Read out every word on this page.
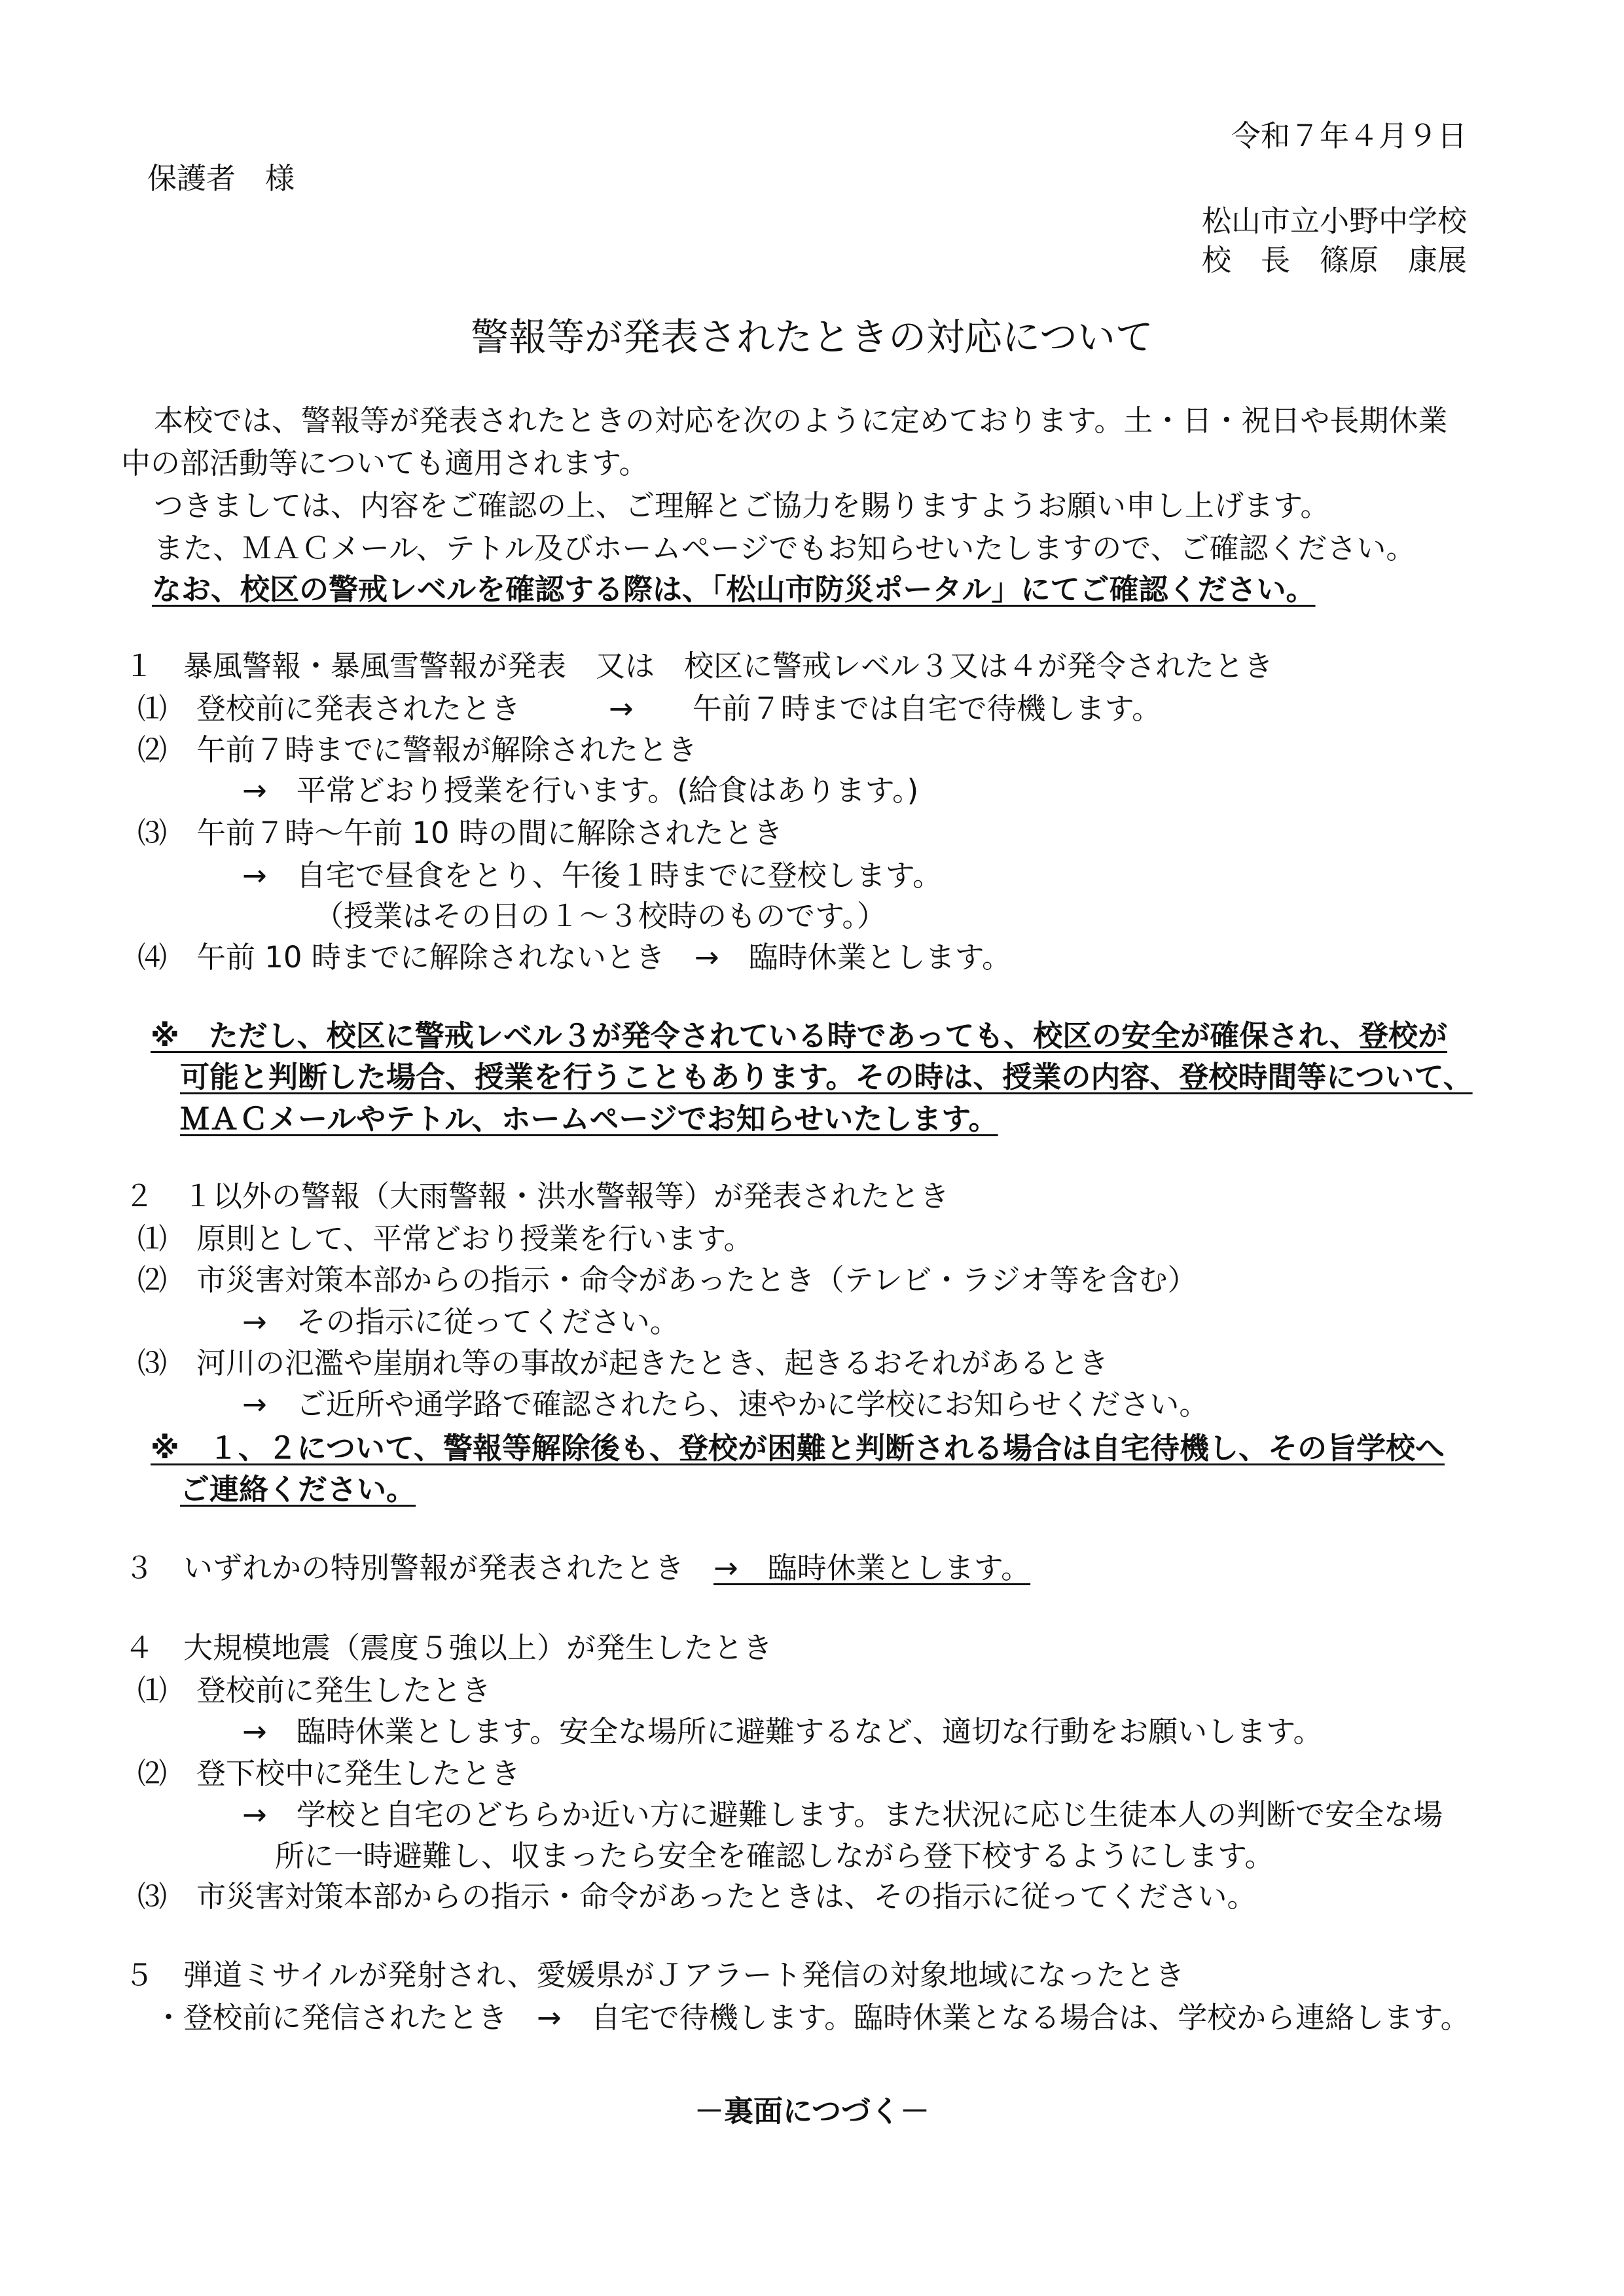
令和７年４月９日
保護者　様
松山市立小野中学校
校　長　篠原　康展
警報等が発表されたときの対応について
　本校では、警報等が発表されたときの対応を次のように定めております。土・日・祝日や長期休業
中の部活動等についても適用されます。
　つきましては、内容をご確認の上、ご理解とご協力を賜りますようお願い申し上げます。
　また、ＭＡＣメール、テトル及びホームページでもお知らせいたしますので、ご確認ください。
なお、校区の警戒レベルを確認する際は、「松山市防災ポータル」にてご確認ください。
１　暴風警報・暴風雪警報が発表　又は　校区に警戒レベル３又は４が発令されたとき
⑴　登校前に発表されたとき　　　→　　午前７時までは自宅で待機します。
⑵　午前７時までに警報が解除されたとき
→　平常どおり授業を行います。(給食はあります。)
⑶　午前７時～午前 10 時の間に解除されたとき
→　自宅で昼食をとり、午後１時までに登校します。
（授業はその日の１～３校時のものです。）
⑷　午前 10 時までに解除されないとき　→　臨時休業とします。
※　ただし、校区に警戒レベル３が発令されている時であっても、校区の安全が確保され、登校が
可能と判断した場合、授業を行うこともあります。その時は、授業の内容、登校時間等について、
ＭＡＣメールやテトル、ホームページでお知らせいたします。
２　１以外の警報（大雨警報・洪水警報等）が発表されたとき
⑴　原則として、平常どおり授業を行います。
⑵　市災害対策本部からの指示・命令があったとき（テレビ・ラジオ等を含む）
→　その指示に従ってください。
⑶　河川の氾濫や崖崩れ等の事故が起きたとき、起きるおそれがあるとき
→　ご近所や通学路で確認されたら、速やかに学校にお知らせください。
※　１、２について、警報等解除後も、登校が困難と判断される場合は自宅待機し、その旨学校へ
ご連絡ください。
３　いずれかの特別警報が発表されたとき　→　臨時休業とします。
４　大規模地震（震度５強以上）が発生したとき
⑴　登校前に発生したとき
→　臨時休業とします。安全な場所に避難するなど、適切な行動をお願いします。
⑵　登下校中に発生したとき
→　学校と自宅のどちらか近い方に避難します。また状況に応じ生徒本人の判断で安全な場
所に一時避難し、収まったら安全を確認しながら登下校するようにします。
⑶　市災害対策本部からの指示・命令があったときは、その指示に従ってください。
５　弾道ミサイルが発射され、愛媛県がＪアラート発信の対象地域になったとき
・登校前に発信されたとき　→　自宅で待機します。臨時休業となる場合は、学校から連絡します。
－裏面につづく－
